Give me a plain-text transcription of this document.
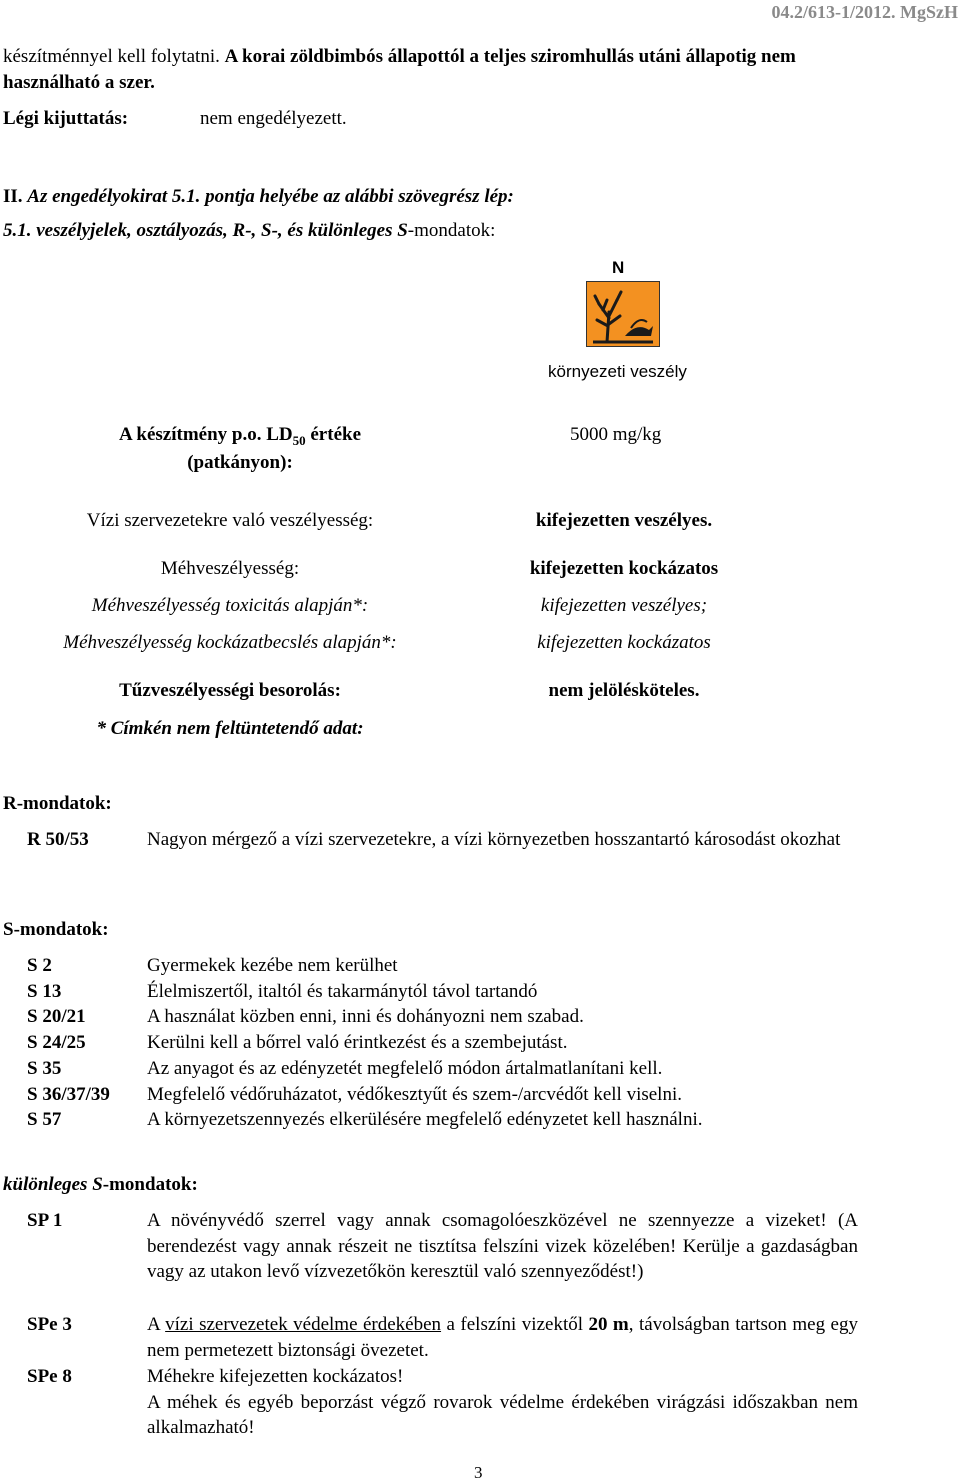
04.2/613-1/2012. MgSzH
készítménnyel kell folytatni. A korai zöldbimbós állapottól a teljes sziromhullás utáni állapotig nem
használható a szer.
Légi kijuttatás:	nem engedélyezett.
II. Az engedélyokirat 5.1. pontja helyébe az alábbi szövegrész lép:
5.1. veszélyjelek, osztályozás, R-, S-, és különleges S-mondatok:
N
környezeti veszély
A készítmény p.o. $LD_{50}$ értéke
(patkányon):
5000 mg/kg
Vízi szervezetekre való veszélyesség:	kifejezetten veszélyes.
Méhveszélyesség:	kifejezetten kockázatos
Méhveszélyesség toxicitás alapján*:	kifejezetten veszélyes;
Méhveszélyesség kockázatbecslés alapján*:	kifejezetten kockázatos
Tűzveszélyességi besorolás:	nem jelölésköteles.
* Címkén nem feltüntetendő adat:
R-mondatok:
R 50/53	Nagyon mérgező a vízi szervezetekre, a vízi környezetben hosszantartó károsodást okozhat
S-mondatok:
S 2	Gyermekek kezébe nem kerülhet
S 13	Élelmiszertől, italtól és takarmánytól távol tartandó
S 20/21	A használat közben enni, inni és dohányozni nem szabad.
S 24/25	Kerülni kell a bőrrel való érintkezést és a szembejutást.
S 35	Az anyagot és az edényzetét megfelelő módon ártalmatlanítani kell.
S 36/37/39	Megfelelő védőruházatot, védőkesztyűt és szem-/arcvédőt kell viselni.
S 57	A környezetszennyezés elkerülésére megfelelő edényzetet kell használni.
különleges S-mondatok:
SP 1	A növényvédő szerrel vagy annak csomagolóeszközével ne szennyezze a vizeket! (A berendezést vagy annak részeit ne tisztítsa felszíni vizek közelében! Kerülje a gazdaságban vagy az utakon levő vízvezetőkön keresztül való szennyeződést!)
SPe 3	A vízi szervezetek védelme érdekében a felszíni vizektől 20 m, távolságban tartson meg egy nem permetezett biztonsági övezetet.
SPe 8	Méhekre kifejezetten kockázatos!
A méhek és egyéb beporzást végző rovarok védelme érdekében virágzási időszakban nem alkalmazható!
3
